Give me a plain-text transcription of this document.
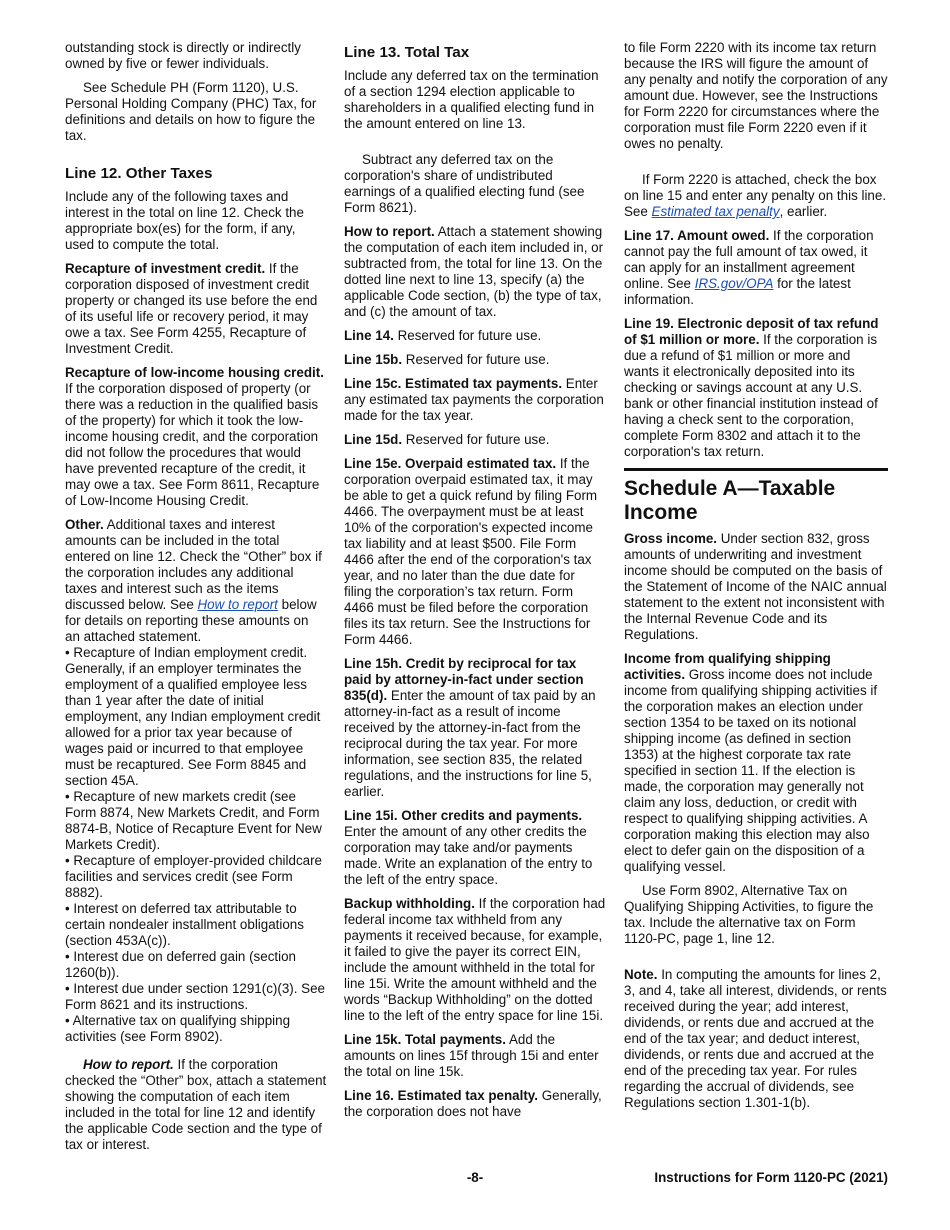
outstanding stock is directly or indirectly owned by five or fewer individuals.

See Schedule PH (Form 1120), U.S. Personal Holding Company (PHC) Tax, for definitions and details on how to figure the tax.

Line 12. Other Taxes

Include any of the following taxes and interest in the total on line 12. Check the appropriate box(es) for the form, if any, used to compute the total.

Recapture of investment credit. If the corporation disposed of investment credit property or changed its use before the end of its useful life or recovery period, it may owe a tax. See Form 4255, Recapture of Investment Credit.

Recapture of low-income housing credit. If the corporation disposed of property (or there was a reduction in the qualified basis of the property) for which it took the low-income housing credit, and the corporation did not follow the procedures that would have prevented recapture of the credit, it may owe a tax. See Form 8611, Recapture of Low-Income Housing Credit.

Other. Additional taxes and interest amounts can be included in the total entered on line 12. Check the “Other” box if the corporation includes any additional taxes and interest such as the items discussed below. See How to report below for details on reporting these amounts on an attached statement.

• Recapture of Indian employment credit. Generally, if an employer terminates the employment of a qualified employee less than 1 year after the date of initial employment, any Indian employment credit allowed for a prior tax year because of wages paid or incurred to that employee must be recaptured. See Form 8845 and section 45A.

• Recapture of new markets credit (see Form 8874, New Markets Credit, and Form 8874-B, Notice of Recapture Event for New Markets Credit).

• Recapture of employer-provided childcare facilities and services credit (see Form 8882).

• Interest on deferred tax attributable to certain nondealer installment obligations (section 453A(c)).

• Interest due on deferred gain (section 1260(b)).

• Interest due under section 1291(c)(3). See Form 8621 and its instructions.

• Alternative tax on qualifying shipping activities (see Form 8902).

How to report. If the corporation checked the “Other” box, attach a statement showing the computation of each item included in the total for line 12 and identify the applicable Code section and the type of tax or interest.

Line 13. Total Tax

Include any deferred tax on the termination of a section 1294 election applicable to shareholders in a qualified electing fund in the amount entered on line 13.

Subtract any deferred tax on the corporation's share of undistributed earnings of a qualified electing fund (see Form 8621).

How to report. Attach a statement showing the computation of each item included in, or subtracted from, the total for line 13. On the dotted line next to line 13, specify (a) the applicable Code section, (b) the type of tax, and (c) the amount of tax.

Line 14. Reserved for future use.

Line 15b. Reserved for future use.

Line 15c. Estimated tax payments. Enter any estimated tax payments the corporation made for the tax year.

Line 15d. Reserved for future use.

Line 15e. Overpaid estimated tax. If the corporation overpaid estimated tax, it may be able to get a quick refund by filing Form 4466. The overpayment must be at least 10% of the corporation's expected income tax liability and at least $500. File Form 4466 after the end of the corporation's tax year, and no later than the due date for filing the corporation’s tax return. Form 4466 must be filed before the corporation files its tax return. See the Instructions for Form 4466.

Line 15h. Credit by reciprocal for tax paid by attorney-in-fact under section 835(d). Enter the amount of tax paid by an attorney-in-fact as a result of income received by the attorney-in-fact from the reciprocal during the tax year. For more information, see section 835, the related regulations, and the instructions for line 5, earlier.

Line 15i. Other credits and payments. Enter the amount of any other credits the corporation may take and/or payments made. Write an explanation of the entry to the left of the entry space.

Backup withholding. If the corporation had federal income tax withheld from any payments it received because, for example, it failed to give the payer its correct EIN, include the amount withheld in the total for line 15i. Write the amount withheld and the words “Backup Withholding” on the dotted line to the left of the entry space for line 15i.

Line 15k. Total payments. Add the amounts on lines 15f through 15i and enter the total on line 15k.

Line 16. Estimated tax penalty. Generally, the corporation does not have

to file Form 2220 with its income tax return because the IRS will figure the amount of any penalty and notify the corporation of any amount due. However, see the Instructions for Form 2220 for circumstances where the corporation must file Form 2220 even if it owes no penalty.

If Form 2220 is attached, check the box on line 15 and enter any penalty on this line. See Estimated tax penalty, earlier.

Line 17. Amount owed. If the corporation cannot pay the full amount of tax owed, it can apply for an installment agreement online. See IRS.gov/OPA for the latest information.

Line 19. Electronic deposit of tax refund of $1 million or more. If the corporation is due a refund of $1 million or more and wants it electronically deposited into its checking or savings account at any U.S. bank or other financial institution instead of having a check sent to the corporation, complete Form 8302 and attach it to the corporation's tax return.

Schedule A—Taxable Income

Gross income. Under section 832, gross amounts of underwriting and investment income should be computed on the basis of the Statement of Income of the NAIC annual statement to the extent not inconsistent with the Internal Revenue Code and its Regulations.

Income from qualifying shipping activities. Gross income does not include income from qualifying shipping activities if the corporation makes an election under section 1354 to be taxed on its notional shipping income (as defined in section 1353) at the highest corporate tax rate specified in section 11. If the election is made, the corporation may generally not claim any loss, deduction, or credit with respect to qualifying shipping activities. A corporation making this election may also elect to defer gain on the disposition of a qualifying vessel.

Use Form 8902, Alternative Tax on Qualifying Shipping Activities, to figure the tax. Include the alternative tax on Form 1120-PC, page 1, line 12.

Note. In computing the amounts for lines 2, 3, and 4, take all interest, dividends, or rents received during the year; add interest, dividends, or rents due and accrued at the end of the tax year; and deduct interest, dividends, or rents due and accrued at the end of the preceding tax year. For rules regarding the accrual of dividends, see Regulations section 1.301-1(b).

-8-	Instructions for Form 1120-PC (2021)
